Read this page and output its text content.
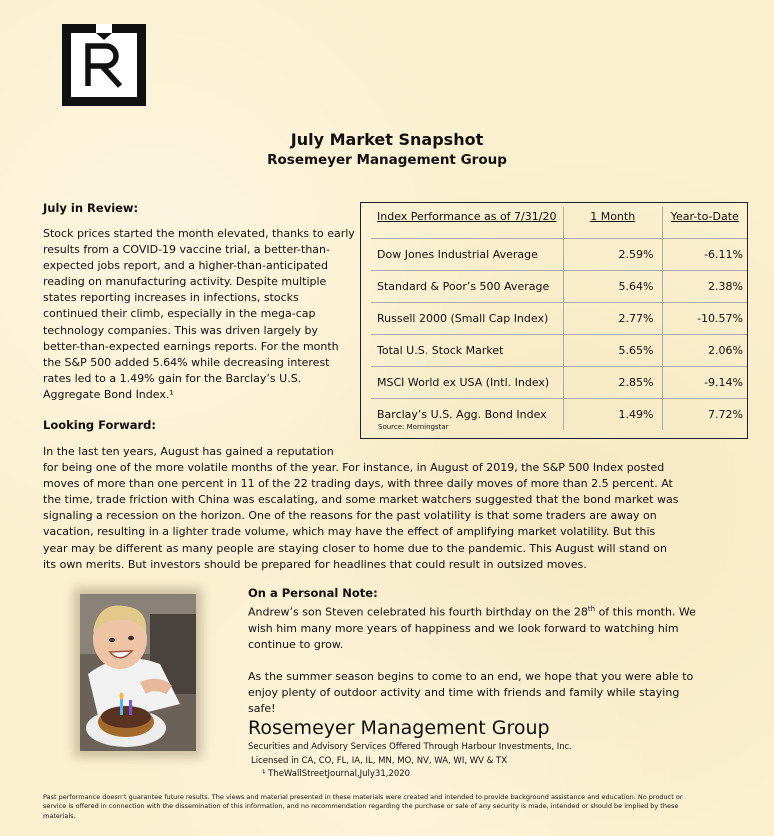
July Market Snapshot
Rosemeyer Management Group
July in Review:
Stock prices started the month elevated, thanks to early results from a COVID-19 vaccine trial, a better-than-expected jobs report, and a higher-than-anticipated reading on manufacturing activity. Despite multiple states reporting increases in infections, stocks continued their climb, especially in the mega-cap technology companies. This was driven largely by better-than-expected earnings reports. For the month the S&P 500 added 5.64% while decreasing interest rates led to a 1.49% gain for the Barclay’s U.S. Aggregate Bond Index.¹
Index Performance as of 7/31/20	1 Month	Year-to-Date
Dow Jones Industrial Average	2.59%	-6.11%
Standard & Poor’s 500 Average	5.64%	2.38%
Russell 2000 (Small Cap Index)	2.77%	-10.57%
Total U.S. Stock Market	5.65%	2.06%
MSCI World ex USA (Intl. Index)	2.85%	-9.14%
Barclay’s U.S. Agg. Bond Index	1.49%	7.72%
Source: Morningstar
Looking Forward:
In the last ten years, August has gained a reputation
for being one of the more volatile months of the year. For instance, in August of 2019, the S&P 500 Index posted moves of more than one percent in 11 of the 22 trading days, with three daily moves of more than 2.5 percent. At the time, trade friction with China was escalating, and some market watchers suggested that the bond market was signaling a recession on the horizon. One of the reasons for the past volatility is that some traders are away on vacation, resulting in a lighter trade volume, which may have the effect of amplifying market volatility. But this year may be different as many people are staying closer to home due to the pandemic. This August will stand on its own merits. But investors should be prepared for headlines that could result in outsized moves.
On a Personal Note:
Andrew’s son Steven celebrated his fourth birthday on the 28th of this month. We wish him many more years of happiness and we look forward to watching him continue to grow.
As the summer season begins to come to an end, we hope that you were able to enjoy plenty of outdoor activity and time with friends and family while staying safe!
Rosemeyer Management Group
Securities and Advisory Services Offered Through Harbour Investments, Inc.
Licensed in CA, CO, FL, IA, IL, MN, MO, NV, WA, WI, WV & TX
¹ TheWallStreetJournal,July31,2020
Past performance doesn’t guarantee future results. The views and material presented in these materials were created and intended to provide background assistance and education. No product or service is offered in connection with the dissemination of this information, and no recommendation regarding the purchase or sale of any security is made, intended or should be implied by these materials.
